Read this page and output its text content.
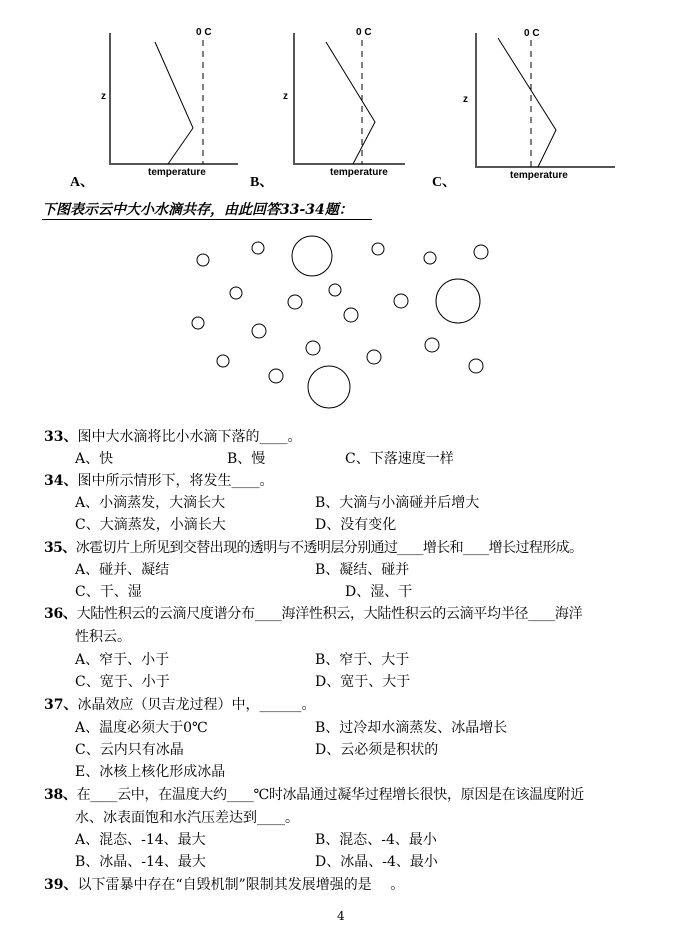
0 C
z
temperature
A、
0 C
z
temperature
B、
0 C
z
temperature
C、
下图表示云中大小水滴共存，由此回答33-34题：
33、图中大水滴将比小水滴下落的____。
A、快	B、慢	C、下落速度一样
34、图中所示情形下，将发生____。
A、小滴蒸发，大滴长大	B、大滴与小滴碰并后增大
C、大滴蒸发，小滴长大	D、没有变化
35、冰雹切片上所见到交替出现的透明与不透明层分别通过____增长和____增长过程形成。
A、碰并、凝结	B、凝结、碰并
C、干、湿	D、湿、干
36、大陆性积云的云滴尺度谱分布____海洋性积云，大陆性积云的云滴平均半径____海洋
性积云。
A、窄于、小于	B、窄于、大于
C、宽于、小于	D、宽于、大于
37、冰晶效应（贝吉龙过程）中，______。
A、温度必须大于0℃	B、过冷却水滴蒸发、冰晶增长
C、云内只有冰晶	D、云必须是积状的
E、冰核上核化形成冰晶
38、在____云中，在温度大约____℃时冰晶通过凝华过程增长很快，原因是在该温度附近
水、冰表面饱和水汽压差达到____。
A、混态、-14、最大	B、混态、-4、最小
B、冰晶、-14、最大	D、冰晶、-4、最小
39、以下雷暴中存在“自毁机制”限制其发展增强的是　 。
4
